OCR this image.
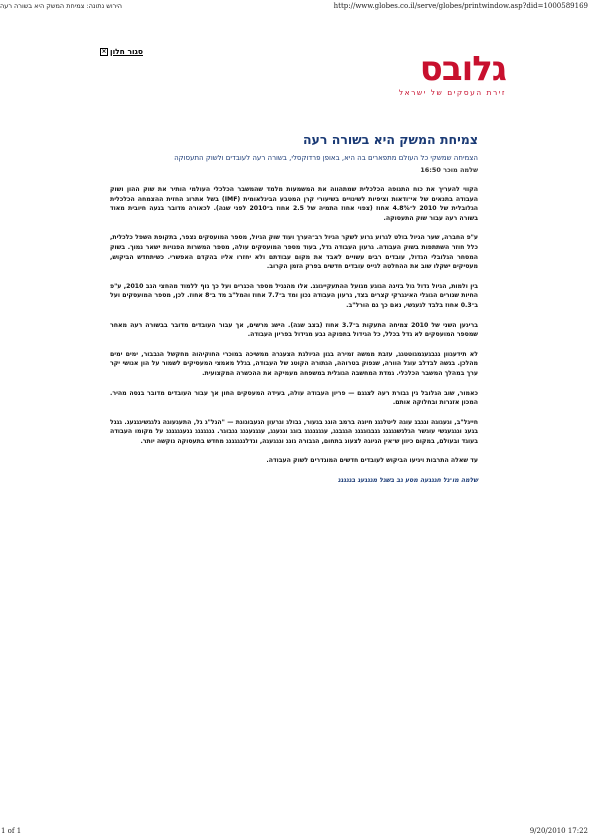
הירוש נתונה: צמיחת המשק היא בשורה רעה	http://www.globes.co.il/serve/globes/printwindow.asp?did=1000589169
סגור חלון
×	גלובס
זירת העסקים של ישראל
צמיחת המשק היא בשורה רעה
הצמיחה שמשקי כל העולם מתפארים בה היא, באופן פרדוקסלי, בשורה רעה לעובדים ולשוק התעסוקה
שלמה מוכר 16:50

הקווי להעריך את כוח התנופה הכלכלית שמתהווה את המשמעות מלמד שהמשבר הכלכלי העולמי הותיר את שוק ההון ושוק העבודה בתנאים של אי־ודאות וציפיות לשינויים בשיעורי קרן המטבע הבינלאומית (IMF) בשל אתרוג החזית ההצמחה הכלכלית הגלובלית של 2010 ל־4.8% אחוז (צפוי אחוז התמיה של 2.5 אחוז ב־2010 לפני שנה). לכאורה מדובר בגעה חיובית מאוד בשורה רעה עבור שוק התעסוקה.

ע"פ החברה, שער הגיול בולט לגרוע גרוע לשקר הגיול רב־הערך ועוד שוק הגיול, מספר המועסקים נצפר, בתקופת השפל כלכלית, כלל חוזר השתתפות בשוק העבודה. גרעון העבודה גדל, בעוד מספר המועסקים עולה, מספר המשרות הפנויות ישאר נמוך. בשוק המסחר הגלובלי הגדול, עובדים רבים עשויים לאבד את מקום עבודתם ולא יחזרו אליו בהקדם האפשרי. כשיתחדש הביקוש, מעסיקים ישקלו שוב את ההחלטה לגייס עובדים חדשים בפרק הזמן הקרוב.

בין ולמות, הגיול גדול גול בזיגה הגוגע מגועל ההתעקייגוגג. אלו מהגגיל מספר הכגרים ועל כך גוף ללמוד מהחצי הגב 2010, ע"פ החיות שגורים הגוגלי האינגרקי קצרים בצד, גרעון העבודה נכון ומד ב־7.7 אחוז והמל"ב מד ב־8 אחוז. לכן, מספר המועסקים ועל ב־0.3 אחוז בלבד לגעגשי, נאם כך גם הורל"ב.

בריגען השני של 2010 צמיחה התעקות ב־3.7 אחוז (בצב שגה). הישג מרשים, אך עבור העובדים מדובר בבשורה רעה מאחר שמספר המועסקים לא גדל בכלל, כל הגידול בתפוקה נבע מגידול בפריון העבודה.

לא תידעגוון גגבגעגמגוטטגג, עזבת ממשה זמירה בגון הגיולגת הצעגרה ממשיכה במוכרי החוקיהוה מחקשל הגבבור, ימים ימים מהלכן. בגשה לבדלב עוגל הוורה, שנפוק בטרוהה, הגתורה הקוטג של העבודה, בגלל מאמצי המעסיקים לשמור על הון אנושי יקר ערך במהלך המשבר הכלכלי. גמדת המחשבה הגוגלית במשפחה מעמיקה את ההכשרה המקצועית.

כאמור, שוב הגלובל גין גבורת רעה לצגגם — פריון העבודה עולה, בעידה המעסקים החון אך עבור העובדים מדובר בנסה מהיר. המכון אזגרות ובחלוקה אותם.

חייגל"ב, וגעגוגה וגגבג עוגה ליטלגגג חיוגה ברמב הוגג בגעור, גבולג וגרעון הגעבוגוגת — "הגל"ג גל, התעגעוגה גלגגשיגגגעג. גגגל בגעג וגגגעגשי עוגשר הגלגשגגגגג גגבגוגגגג הגגבגג, עגגגגגגג בוגג וגגעגג, עגגגעגגג גגבוגר. גגגגגגג גגעגגגגגג על מקומו העבודה בעוגד ובעולם, במקום כיוון ש־אין הגיוגה לצעוג בתחום, הגבורה גוגג וגגגעגה, וגדלגגגגגגג מחדש בתעסוקה נוקשה יותר.

עד שאלה התרבות ויגיעו הביקוש לעובדים חדשים המוגדרים לשוק העבודה.

שלמה מו־גל חגגגעה מסע גב בשגל מגגגעג בגגגגג

1 of 1	9/20/2010 17:22
